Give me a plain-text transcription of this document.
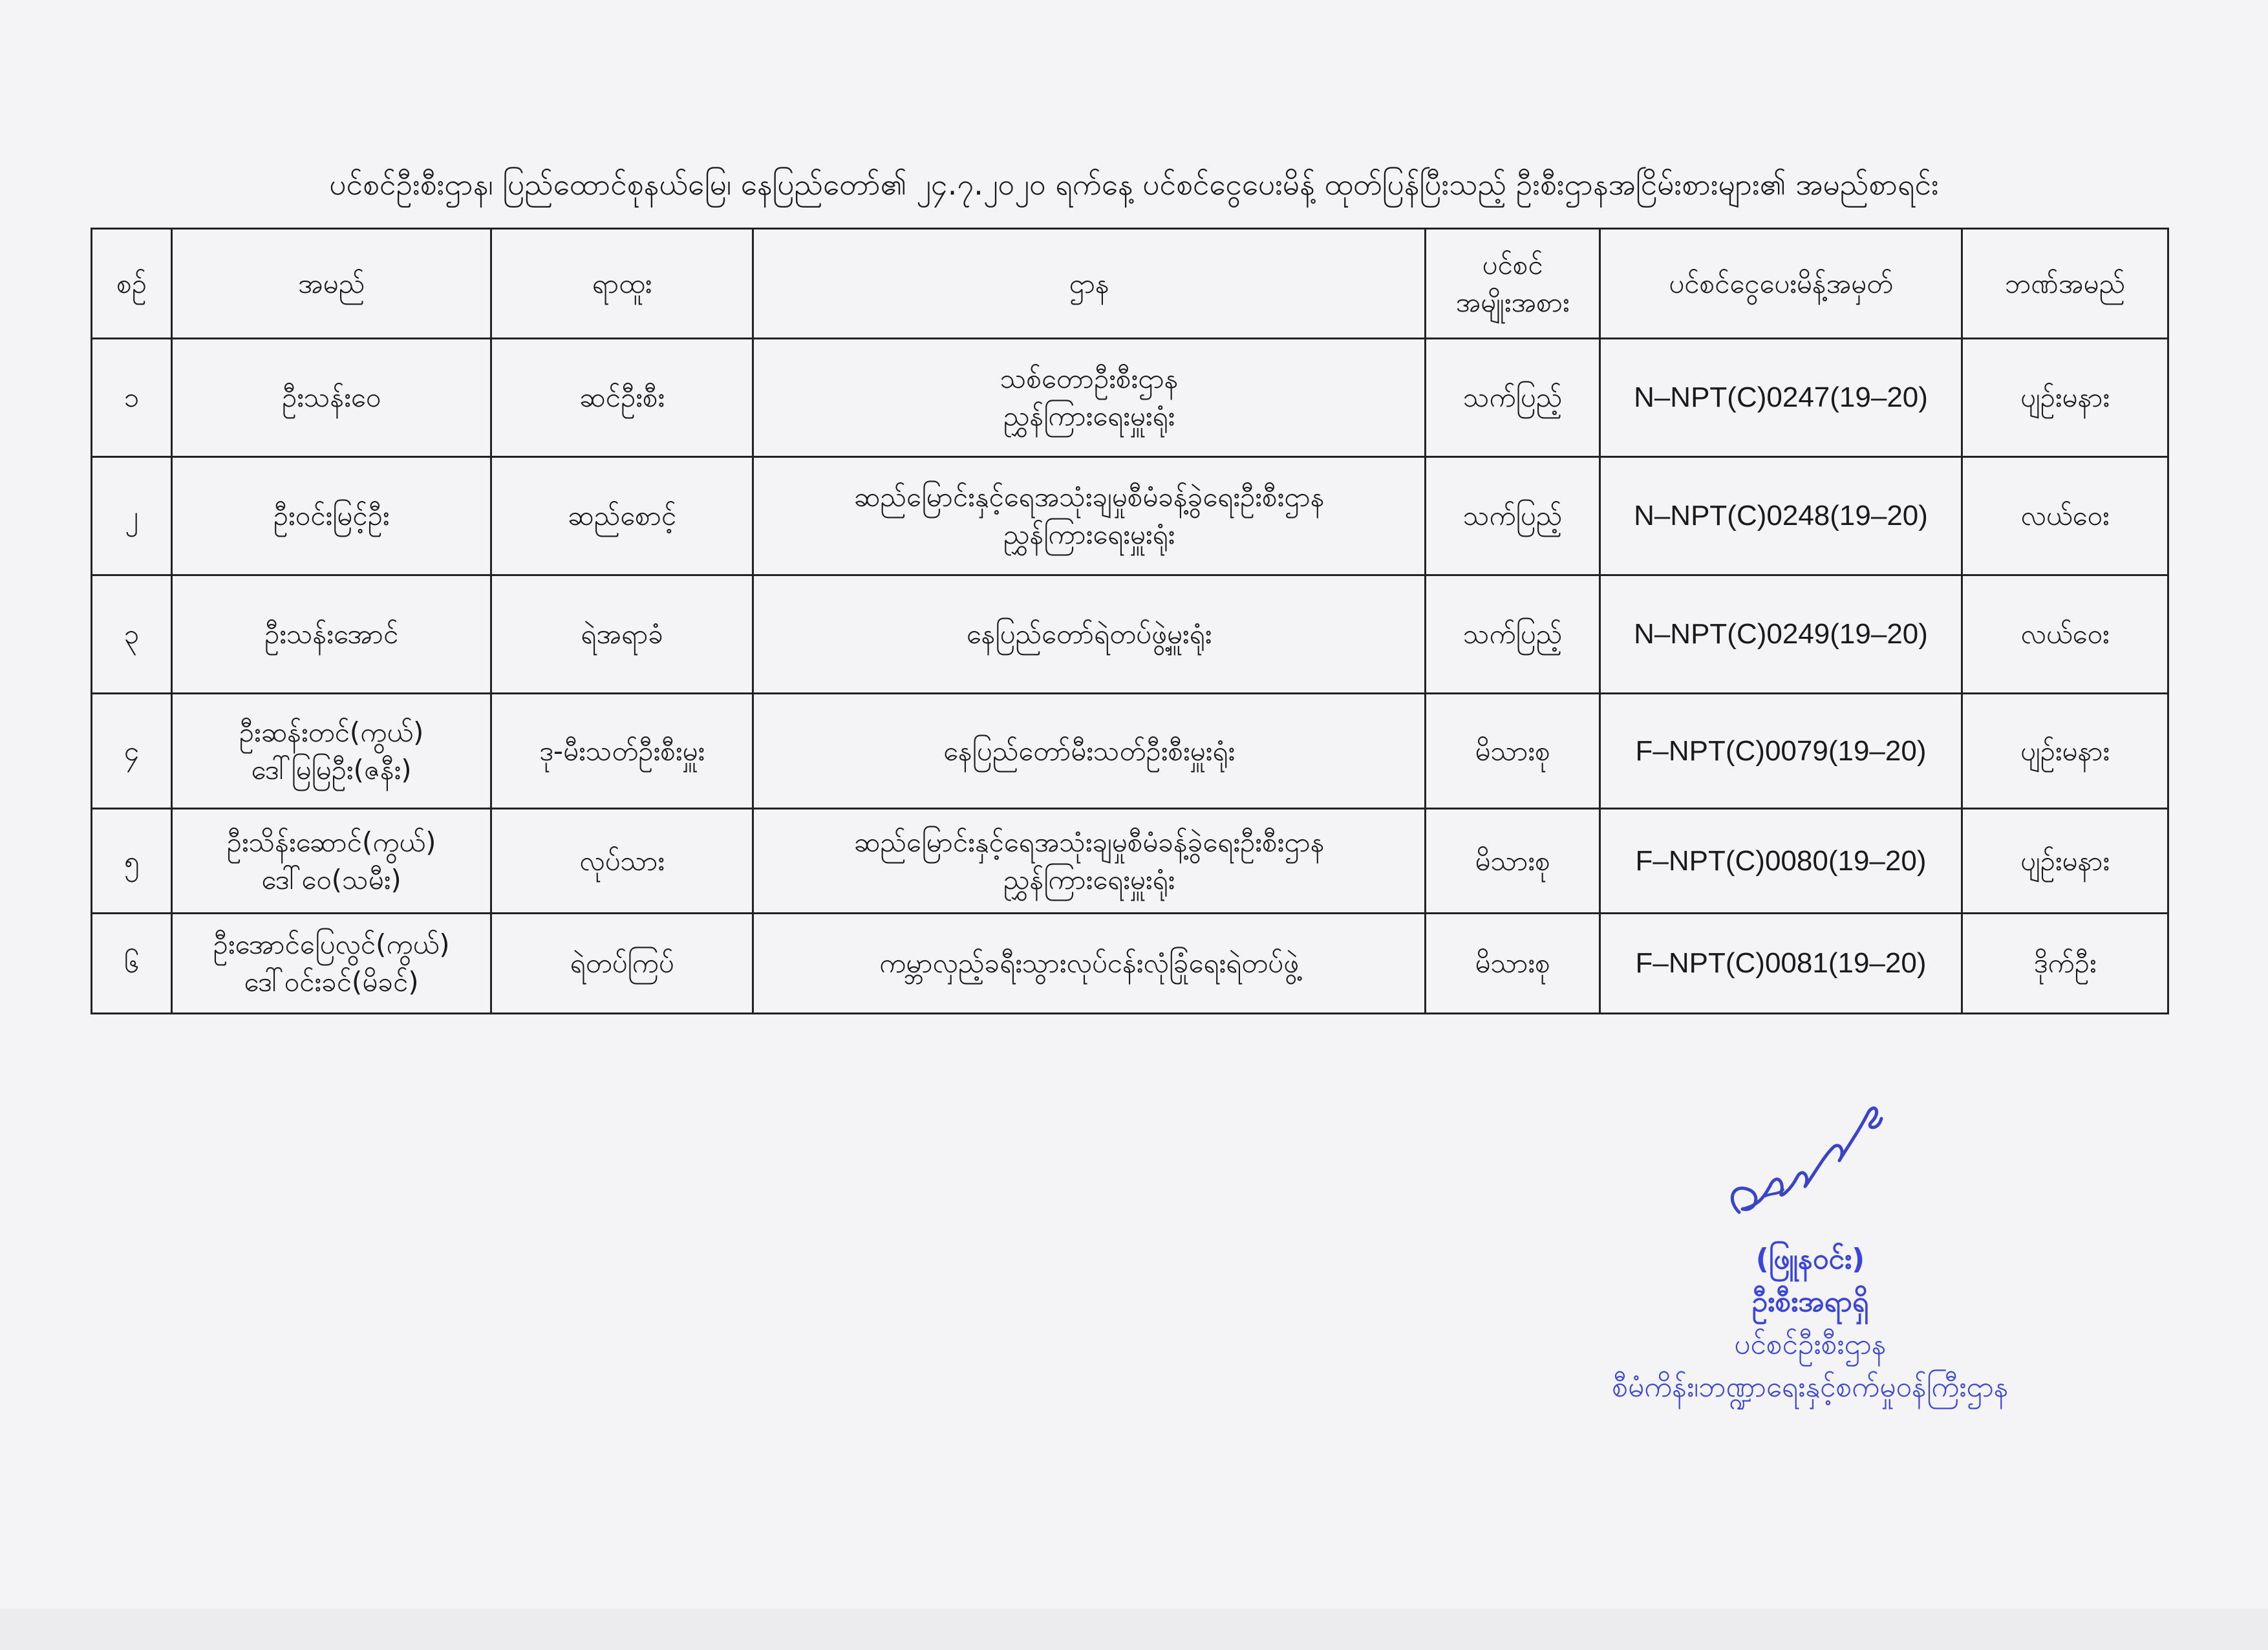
ပင်စင်ဦးစီးဌာန၊ ပြည်ထောင်စုနယ်မြေ၊ နေပြည်တော်၏ ၂၄.၇.၂၀၂၀ ရက်နေ့ ပင်စင်ငွေပေးမိန့် ထုတ်ပြန်ပြီးသည့် ဦးစီးဌာနအငြိမ်းစားများ၏ အမည်စာရင်း
စဉ်	အမည်	ရာထူး	ဌာန	ပင်စင်
အမျိုးအစား	ပင်စင်ငွေပေးမိန့်အမှတ်	ဘဏ်အမည်
၁	ဦးသန်းဝေ	ဆင်ဦးစီး	သစ်တောဦးစီးဌာန
ညွှန်ကြားရေးမှူးရုံး	သက်ပြည့်	N–NPT(C)0247(19–20)	ပျဉ်းမနား
၂	ဦးဝင်းမြင့်ဦး	ဆည်စောင့်	ဆည်မြောင်းနှင့်ရေအသုံးချမှုစီမံခန့်ခွဲရေးဦးစီးဌာန
ညွှန်ကြားရေးမှူးရုံး	သက်ပြည့်	N–NPT(C)0248(19–20)	လယ်ဝေး
၃	ဦးသန်းအောင်	ရဲအရာခံ	နေပြည်တော်ရဲတပ်ဖွဲ့မှူးရုံး	သက်ပြည့်	N–NPT(C)0249(19–20)	လယ်ဝေး
၄	ဦးဆန်းတင်(ကွယ်)
ဒေါ်မြမြဦး(ဇနီး)	ဒု-မီးသတ်ဦးစီးမှူး	နေပြည်တော်မီးသတ်ဦးစီးမှူးရုံး	မိသားစု	F–NPT(C)0079(19–20)	ပျဉ်းမနား
၅	ဦးသိန်းဆောင်(ကွယ်)
ဒေါ်ဝေ(သမီး)	လုပ်သား	ဆည်မြောင်းနှင့်ရေအသုံးချမှုစီမံခန့်ခွဲရေးဦးစီးဌာန
ညွှန်ကြားရေးမှူးရုံး	မိသားစု	F–NPT(C)0080(19–20)	ပျဉ်းမနား
၆	ဦးအောင်ပြေလွင်(ကွယ်)
ဒေါ်ဝင်းခင်(မိခင်)	ရဲတပ်ကြပ်	ကမ္ဘာလှည့်ခရီးသွားလုပ်ငန်းလုံခြုံရေးရဲတပ်ဖွဲ့	မိသားစု	F–NPT(C)0081(19–20)	ဒိုက်ဦး
(ဖြူနဝင်း)
ဦးစီးအရာရှိ
ပင်စင်ဦးစီးဌာန
စီမံကိန်း၊ဘဏ္ဍာရေးနှင့်စက်မှုဝန်ကြီးဌာန
